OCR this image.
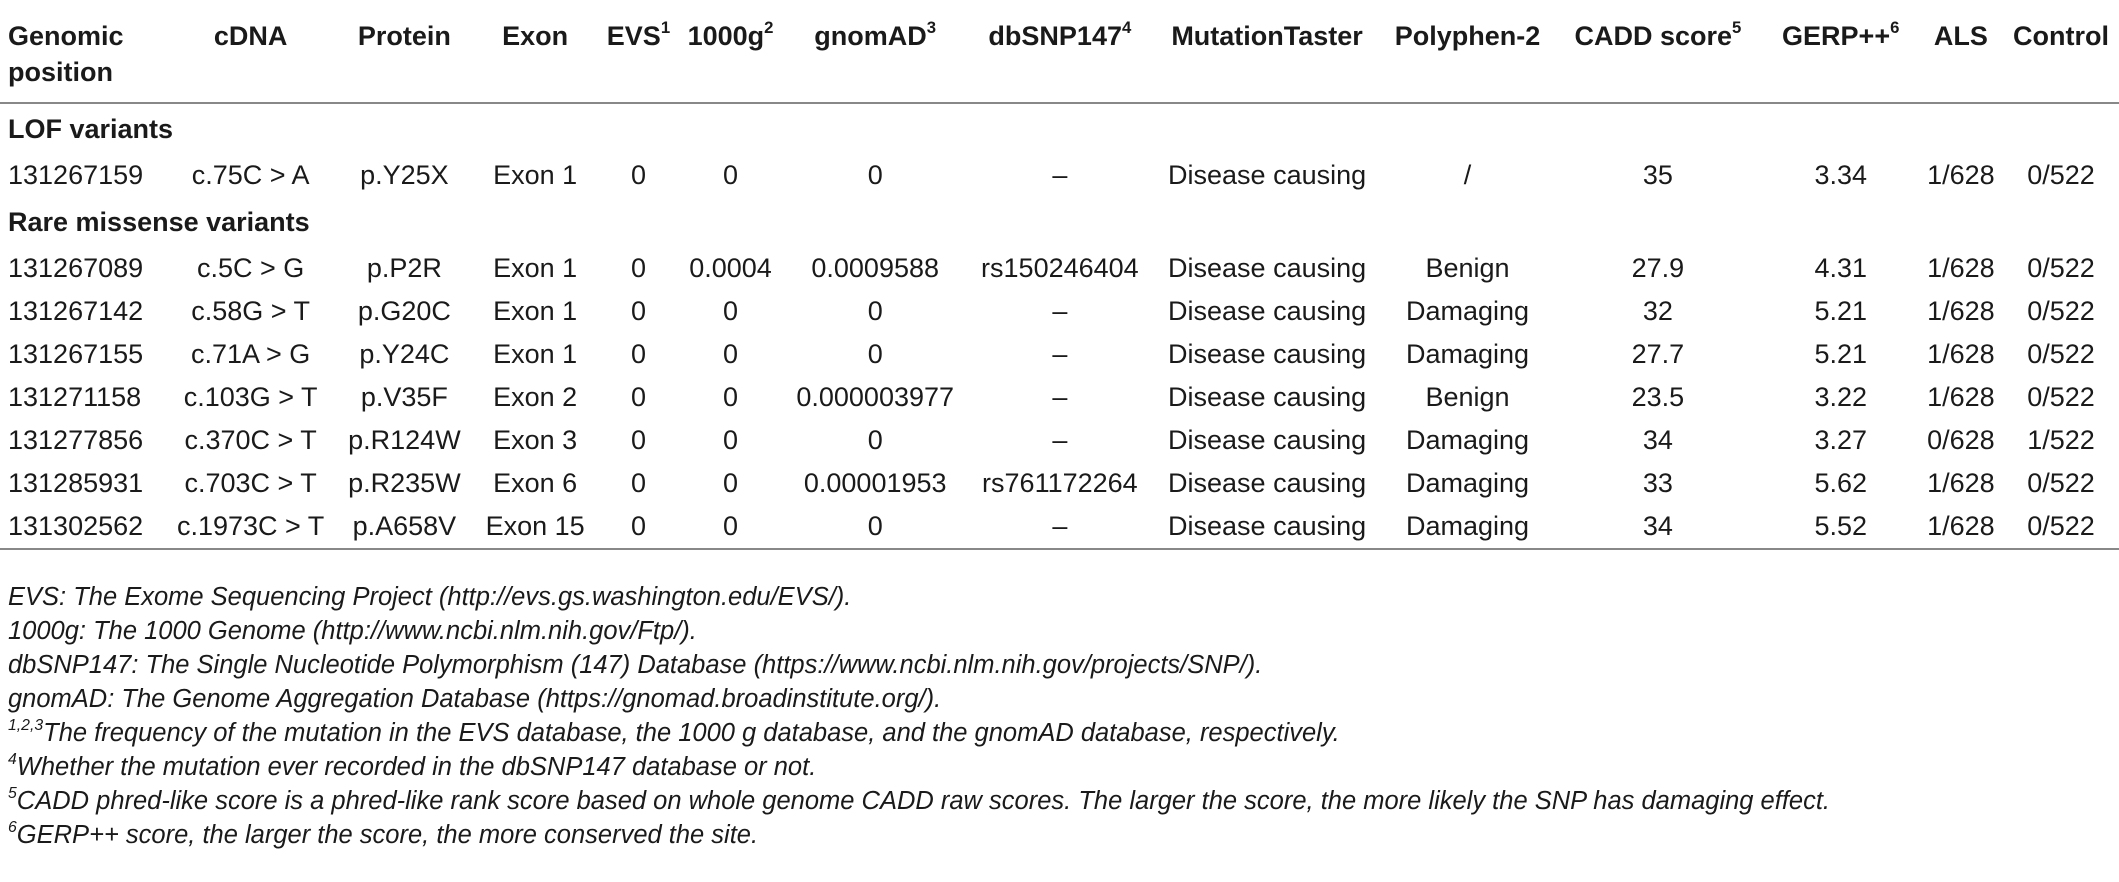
Genomic
position	cDNA	Protein	Exon	EVS$^1$	$1000g^2$	gnomAD$^3$	$dbSNP147^4$	MutationTaster	Polyphen-2	CADD score$^5$	GERP++$^6$	ALS	Control
LOF variants													
131267159	c.75C > A	p.Y25X	Exon 1	0	0	0	–	Disease causing	/	35	3.34	1/628	0/522
Rare missense variants													
131267089	c.5C > G	p.P2R	Exon 1	0	0.0004	0.0009588	rs150246404	Disease causing	Benign	27.9	4.31	1/628	0/522
131267142	c.58G > T	p.G20C	Exon 1	0	0	0	–	Disease causing	Damaging	32	5.21	1/628	0/522
131267155	c.71A > G	p.Y24C	Exon 1	0	0	0	–	Disease causing	Damaging	27.7	5.21	1/628	0/522
131271158	c.103G > T	p.V35F	Exon 2	0	0	0.000003977	–	Disease causing	Benign	23.5	3.22	1/628	0/522
131277856	c.370C > T	p.R124W	Exon 3	0	0	0	–	Disease causing	Damaging	34	3.27	0/628	1/522
131285931	c.703C > T	p.R235W	Exon 6	0	0	0.00001953	rs761172264	Disease causing	Damaging	33	5.62	1/628	0/522
131302562	c.1973C > T	p.A658V	Exon 15	0	0	0	–	Disease causing	Damaging	34	5.52	1/628	0/522
EVS: The Exome Sequencing Project (http://evs.gs.washington.edu/EVS/).
1000g: The 1000 Genome (http://www.ncbi.nlm.nih.gov/Ftp/).
dbSNP147: The Single Nucleotide Polymorphism (147) Database (https://www.ncbi.nlm.nih.gov/projects/SNP/).
gnomAD: The Genome Aggregation Database (https://gnomad.broadinstitute.org/).
$^{1,2,3}$The frequency of the mutation in the EVS database, the 1000 g database, and the gnomAD database, respectively.
$^4$Whether the mutation ever recorded in the dbSNP147 database or not.
$^5$CADD phred-like score is a phred-like rank score based on whole genome CADD raw scores. The larger the score, the more likely the SNP has damaging effect.
$^6$GERP++ score, the larger the score, the more conserved the site.
